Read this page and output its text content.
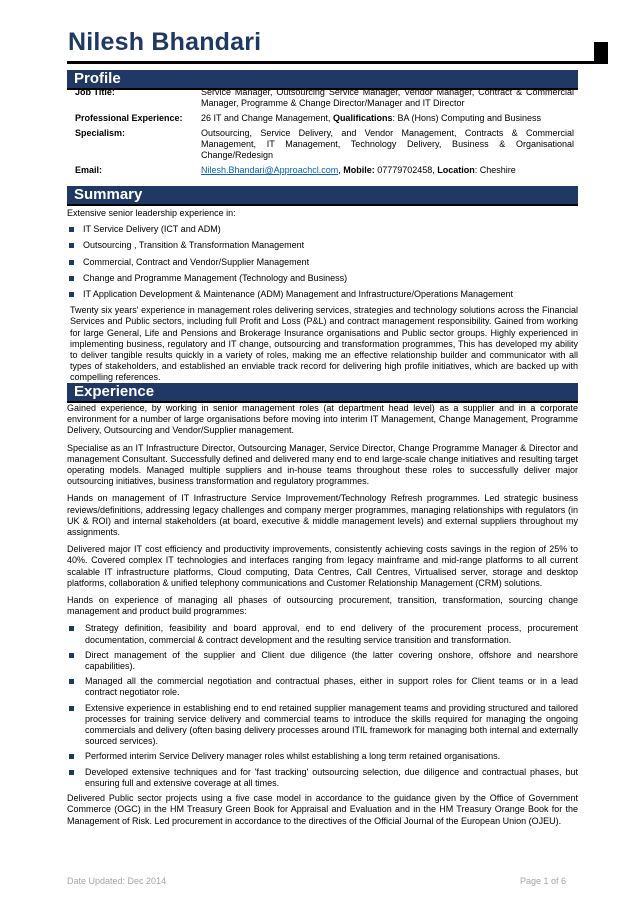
Nilesh Bhandari
Profile
Job Title:	Service Manager, Outsourcing Service Manager, Vendor Manager, Contract & Commercial Manager, Programme & Change Director/Manager and IT Director
Professional Experience:	26 IT and Change Management, Qualifications: BA (Hons) Computing and Business
Specialism:	Outsourcing, Service Delivery, and Vendor Management, Contracts & Commercial Management, IT Management, Technology Delivery, Business & Organisational Change/Redesign
Email:	Nilesh.Bhandari@Approachcl.com, Mobile: 07779702458, Location: Cheshire
Summary

Extensive senior leadership experience in:

IT Service Delivery (ICT and ADM)
Outsourcing , Transition & Transformation Management
Commercial, Contract and Vendor/Supplier Management
Change and Programme Management (Technology and Business)
IT Application Development & Maintenance (ADM) Management and Infrastructure/Operations Management

Twenty six years' experience in management roles delivering services, strategies and technology solutions across the Financial Services and Public sectors, including full Profit and Loss (P&L) and contract management responsibility. Gained from working for large General, Life and Pensions and Brokerage Insurance organisations and Public sector groups. Highly experienced in implementing business, regulatory and IT change, outsourcing and transformation programmes, This has developed my ability to deliver tangible results quickly in a variety of roles, making me an effective relationship builder and communicator with all types of stakeholders, and established an enviable track record for delivering high profile initiatives, which are backed up with compelling references.

Experience

Gained experience, by working in senior management roles (at department head level) as a supplier and in a corporate environment for a number of large organisations before moving into interim IT Management, Change Management, Programme Delivery, Outsourcing and Vendor/Supplier management.

Specialise as an IT Infrastructure Director, Outsourcing Manager, Service Director, Change Programme Manager & Director and management Consultant. Successfully defined and delivered many end to end large-scale change initiatives and resulting target operating models. Managed multiple suppliers and in-house teams throughout these roles to successfully deliver major outsourcing initiatives, business transformation and regulatory programmes.

Hands on management of IT Infrastructure Service Improvement/Technology Refresh programmes. Led strategic business reviews/definitions, addressing legacy challenges and company merger programmes, managing relationships with regulators (in UK & ROI) and internal stakeholders (at board, executive & middle management levels) and external suppliers throughout my assignments.

Delivered major IT cost efficiency and productivity improvements, consistently achieving costs savings in the region of 25% to 40%. Covered complex IT technologies and interfaces ranging from legacy mainframe and mid-range platforms to all current scalable IT infrastructure platforms, Cloud computing, Data Centres, Call Centres, Virtualised server, storage and desktop platforms, collaboration & unified telephony communications and Customer Relationship Management (CRM) solutions.

Hands on experience of managing all phases of outsourcing procurement, transition, transformation, sourcing change management and product build programmes:

Strategy definition, feasibility and board approval, end to end delivery of the procurement process, procurement documentation, commercial & contract development and the resulting service transition and transformation.
Direct management of the supplier and Client due diligence (the latter covering onshore, offshore and nearshore capabilities).
Managed all the commercial negotiation and contractual phases, either in support roles for Client teams or in a lead contract negotiator role.
Extensive experience in establishing end to end retained supplier management teams and providing structured and tailored processes for training service delivery and commercial teams to introduce the skills required for managing the ongoing commercials and delivery (often basing delivery processes around ITIL framework for managing both internal and externally sourced services).
Performed interim Service Delivery manager roles whilst establishing a long term retained organisations.
Developed extensive techniques and for 'fast tracking' outsourcing selection, due diligence and contractual phases, but ensuring full and extensive coverage at all times.

Delivered Public sector projects using a five case model in accordance to the guidance given by the Office of Government Commerce (OGC) in the HM Treasury Green Book for Appraisal and Evaluation and in the HM Treasury Orange Book for the Management of Risk. Led procurement in accordance to the directives of the Official Journal of the European Union (OJEU).

Date Updated: Dec 2014	Page 1 of 6
